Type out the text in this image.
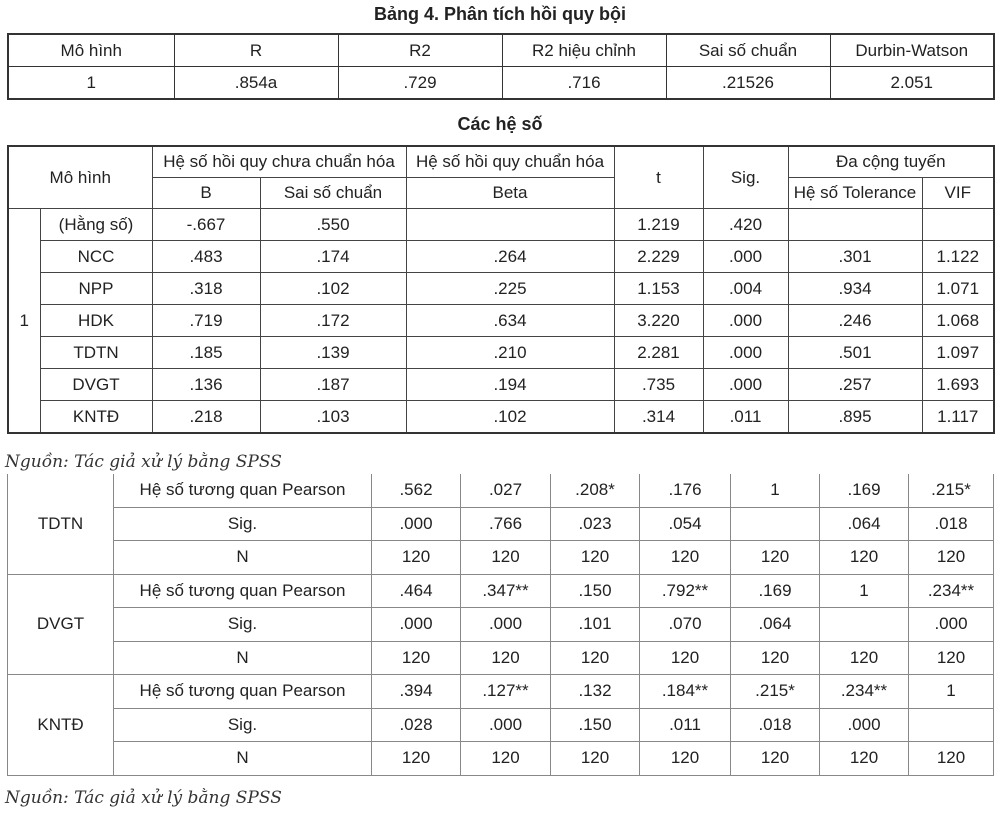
Bảng 4. Phân tích hồi quy bội
Mô hình	R	R2	R2 hiệu chỉnh	Sai số chuẩn	Durbin-Watson
1	.854a	.729	.716	.21526	2.051
Các hệ số
Mô hình		Hệ số hồi quy chưa chuẩn hóa		Hệ số hồi quy chuẩn hóa	t	Sig.	Đa cộng tuyến	
		B	Sai số chuẩn	Beta			Hệ số Tolerance	VIF
1	(Hằng số)	-.667	.550		1.219	.420		
	NCC	.483	.174	.264	2.229	.000	.301	1.122
	NPP	.318	.102	.225	1.153	.004	.934	1.071
	HDK	.719	.172	.634	3.220	.000	.246	1.068
	TDTN	.185	.139	.210	2.281	.000	.501	1.097
	DVGT	.136	.187	.194	.735	.000	.257	1.693
	KNTĐ	.218	.103	.102	.314	.011	.895	1.117
Nguồn: Tác giả xử lý bằng SPSS
TDTN	Hệ số tương quan Pearson	.562	.027	.208*	.176	1	.169	.215*
	Sig.	.000	.766	.023	.054		.064	.018
	N	120	120	120	120	120	120	120
DVGT	Hệ số tương quan Pearson	.464	.347**	.150	.792**	.169	1	.234**
	Sig.	.000	.000	.101	.070	.064		.000
	N	120	120	120	120	120	120	120
KNTĐ	Hệ số tương quan Pearson	.394	.127**	.132	.184**	.215*	.234**	1
	Sig.	.028	.000	.150	.011	.018	.000	
	N	120	120	120	120	120	120	120
Nguồn: Tác giả xử lý bằng SPSS
